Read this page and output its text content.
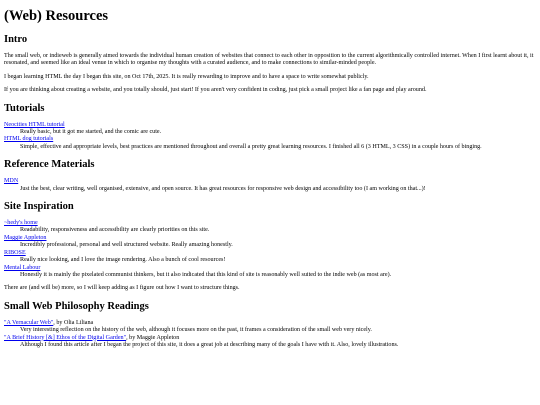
(Web) Resources
Intro

The small web, or indieweb is generally aimed towards the individual human creation of websites that connect to each other in opposition to the current algorithmically controlled internet. When I first learnt about it, it resonated, and seemed like an ideal venue in which to organise my thoughts with a curated audience, and to make connections to similar-minded people.

I began learning HTML the day I began this site, on Oct 17th, 2025. It is really rewarding to improve and to have a space to write somewhat publicly.

If you are thinking about creating a website, and you totally should, just start! If you aren't very confident in coding, just pick a small project like a fan page and play around.

Tutorials
Neocities HTML tutorial
Really basic, but it got me started, and the comic are cute.
HTML dog tutorials
Simple, effective and appropriate levels, best practices are mentioned throughout and overall a pretty great learning resources. I finished all 6 (3 HTML, 3 CSS) in a couple hours of binging.
Reference Materials
MDN
Just the best, clear writing, well organised, extensive, and open source. It has great resources for responsive web design and accessibility too (I am working on that...)!
Site Inspiration
~hedy's home
Readability, responsiveness and accessibility are clearly priorities on this site.
Maggie Appleton
Incredibly professional, personal and well structured website. Really amazing honestly.
RIBOSE
Really nice looking, and I love the image rendering. Also a bunch of cool resources!
Mental Labour
Honestly it is mainly the pixelated communist thinkers, but it also indicated that this kind of site is reasonably well suited to the indie web (as most are).

There are (and will be) more, so I will keep adding as I figure out how I want to structure things.

Small Web Philosophy Readings
"A Vernacular Web", by Olia Liliana
Very interesting reflection on the history of the web, although it focuses more on the past, it frames a consideration of the small web very nicely.
"A Brief History [&] Ethos of the Digital Garden", by Maggie Appleton
Although I found this article after I began the project of this site, it does a great job at describing many of the goals I have with it. Also, lovely illustrations.
